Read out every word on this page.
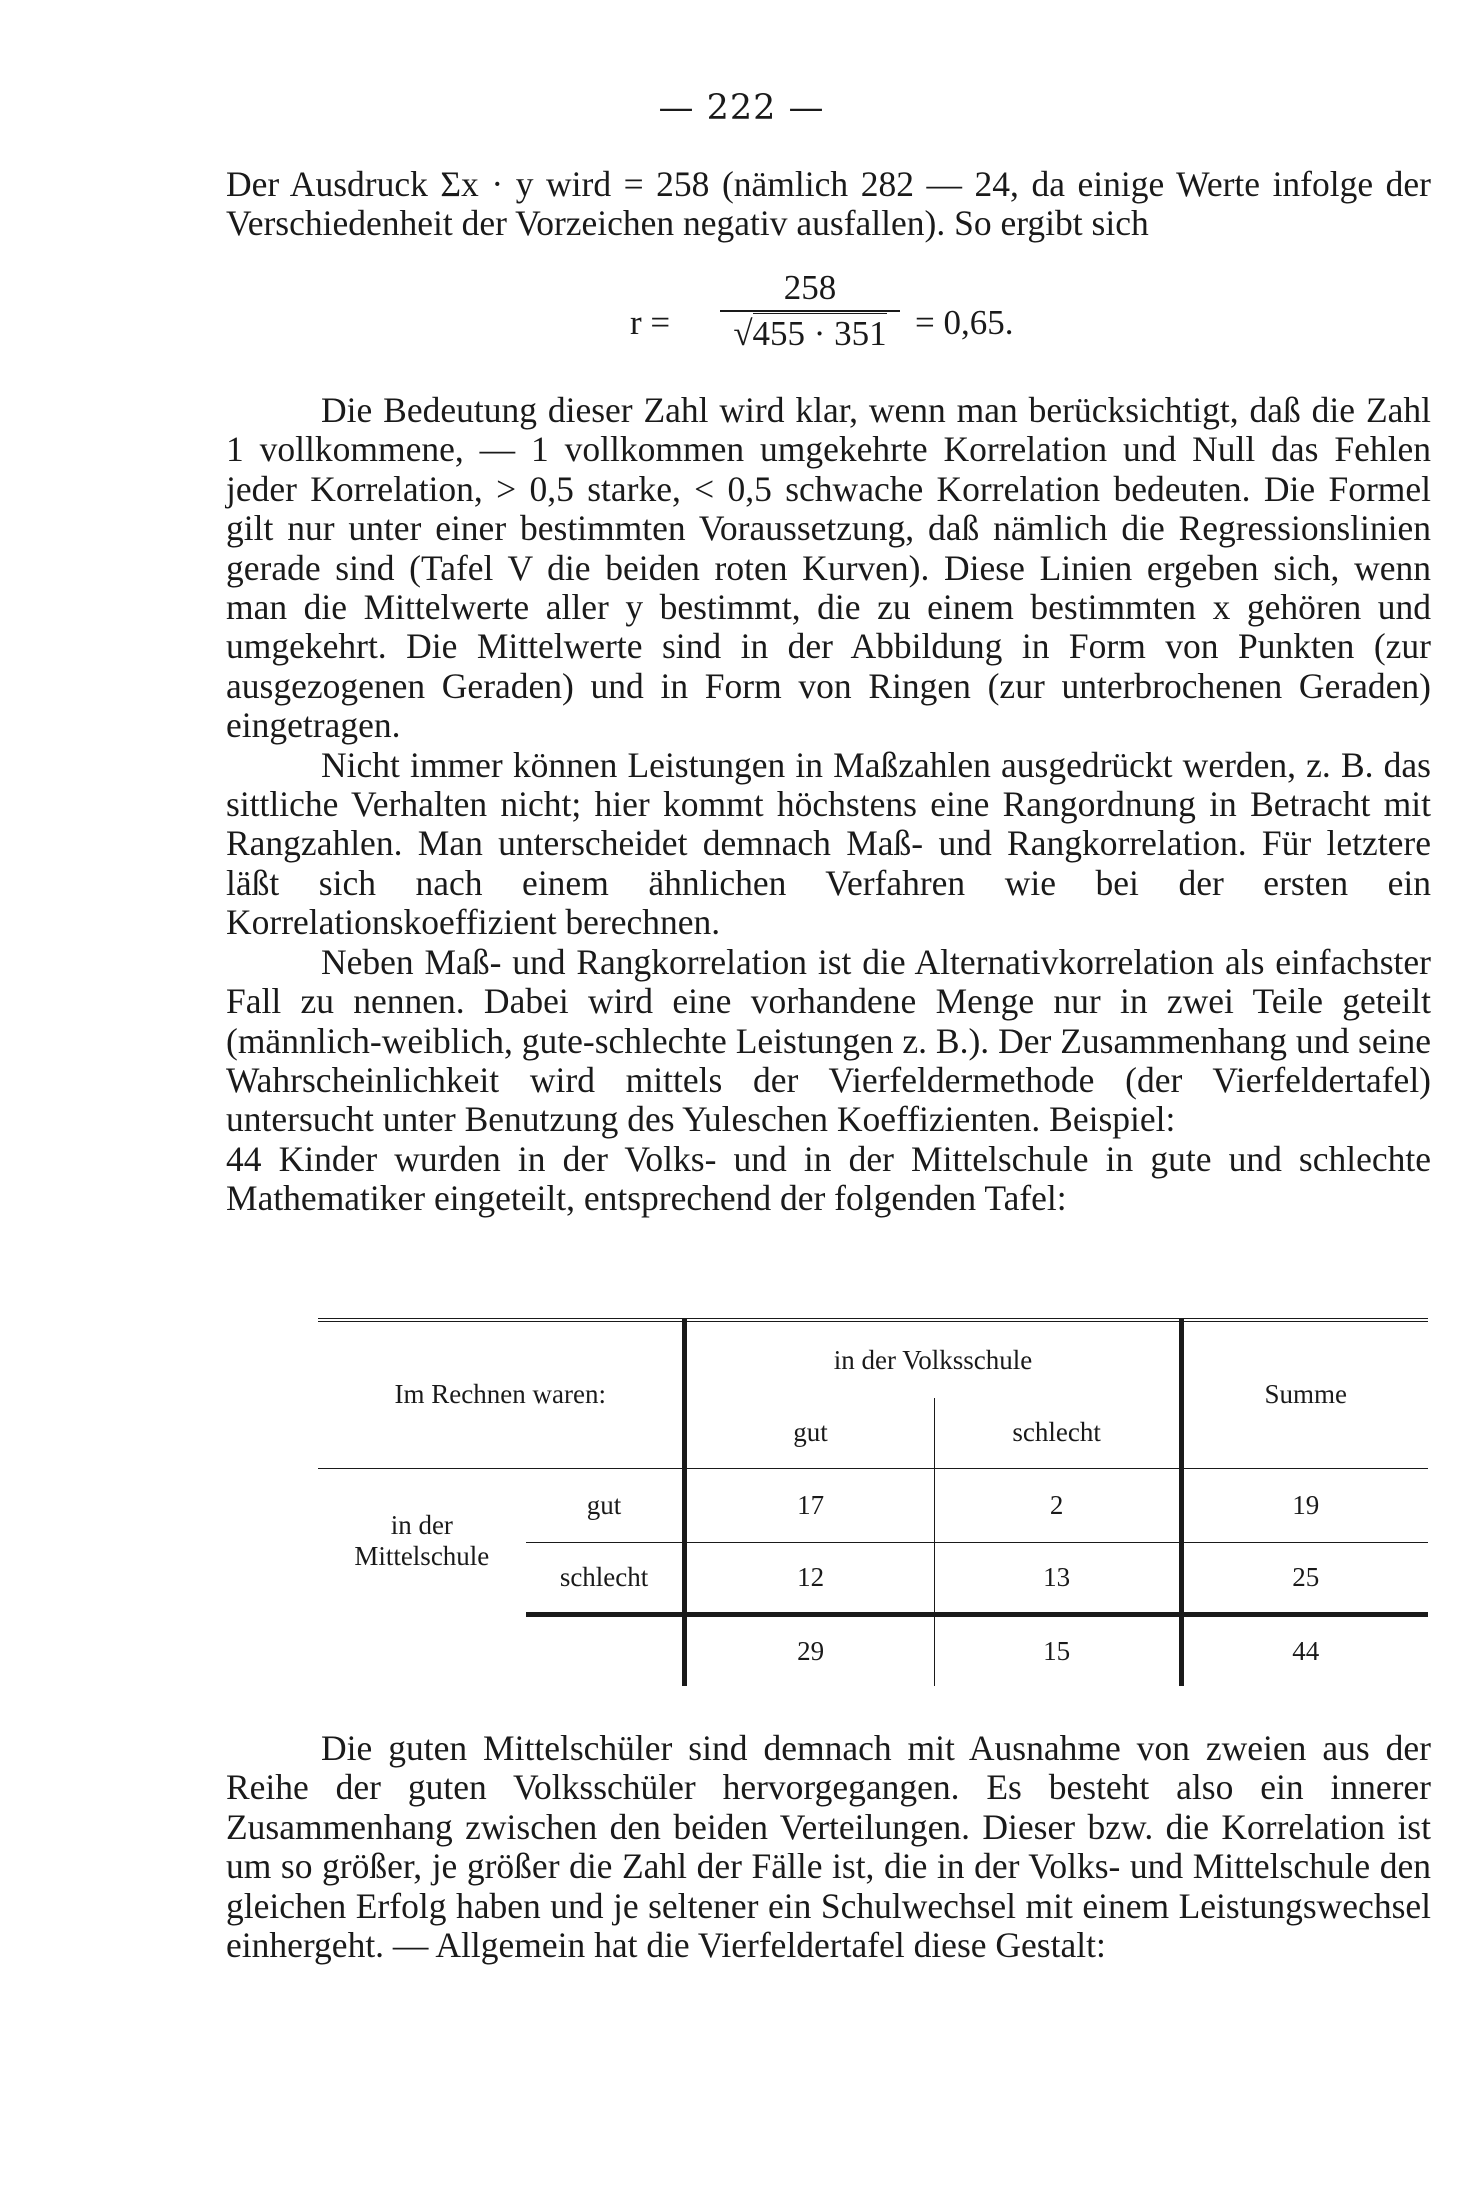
— 222 —

Der Ausdruck Σx · y wird = 258 (nämlich 282 — 24, da einige Werte infolge der Verschiedenheit der Vorzeichen negativ ausfallen). So ergibt sich

r =
258
√455 · 351 = 0,65.

Die Bedeutung dieser Zahl wird klar, wenn man berücksichtigt, daß die Zahl 1 vollkommene, — 1 vollkommen umgekehrte Korrelation und Null das Fehlen jeder Korrelation, > 0,5 starke, < 0,5 schwache Korrelation bedeuten. Die Formel gilt nur unter einer bestimmten Voraussetzung, daß nämlich die Regressionslinien gerade sind (Tafel V die beiden roten Kurven). Diese Linien ergeben sich, wenn man die Mittelwerte aller y bestimmt, die zu einem bestimmten x gehören und umgekehrt. Die Mittelwerte sind in der Abbildung in Form von Punkten (zur ausgezogenen Geraden) und in Form von Ringen (zur unterbrochenen Geraden) eingetragen.

Nicht immer können Leistungen in Maßzahlen ausgedrückt werden, z. B. das sittliche Verhalten nicht; hier kommt höchstens eine Rangordnung in Betracht mit Rangzahlen. Man unterscheidet demnach Maß- und Rangkorrelation. Für letztere läßt sich nach einem ähnlichen Verfahren wie bei der ersten ein Korrelationskoeffizient berechnen.

Neben Maß- und Rangkorrelation ist die Alternativkorrelation als einfachster Fall zu nennen. Dabei wird eine vorhandene Menge nur in zwei Teile geteilt (männlich-weiblich, gute-schlechte Leistungen z. B.). Der Zusammenhang und seine Wahrscheinlichkeit wird mittels der Vierfeldermethode (der Vierfeldertafel) untersucht unter Benutzung des Yuleschen Koeffizienten. Beispiel:

44 Kinder wurden in der Volks- und in der Mittelschule in gute und schlechte Mathematiker eingeteilt, entsprechend der folgenden Tafel:

Im Rechnen waren:		in der Volksschule		Summe
		gut	schlecht	
in der
Mittelschule	gut	17	2	19
	schlecht	12	13	25
		29	15	44

Die guten Mittelschüler sind demnach mit Ausnahme von zweien aus der Reihe der guten Volksschüler hervorgegangen. Es besteht also ein innerer Zusammenhang zwischen den beiden Verteilungen. Dieser bzw. die Korrelation ist um so größer, je größer die Zahl der Fälle ist, die in der Volks- und Mittelschule den gleichen Erfolg haben und je seltener ein Schulwechsel mit einem Leistungswechsel einhergeht. — Allgemein hat die Vierfeldertafel diese Gestalt:
